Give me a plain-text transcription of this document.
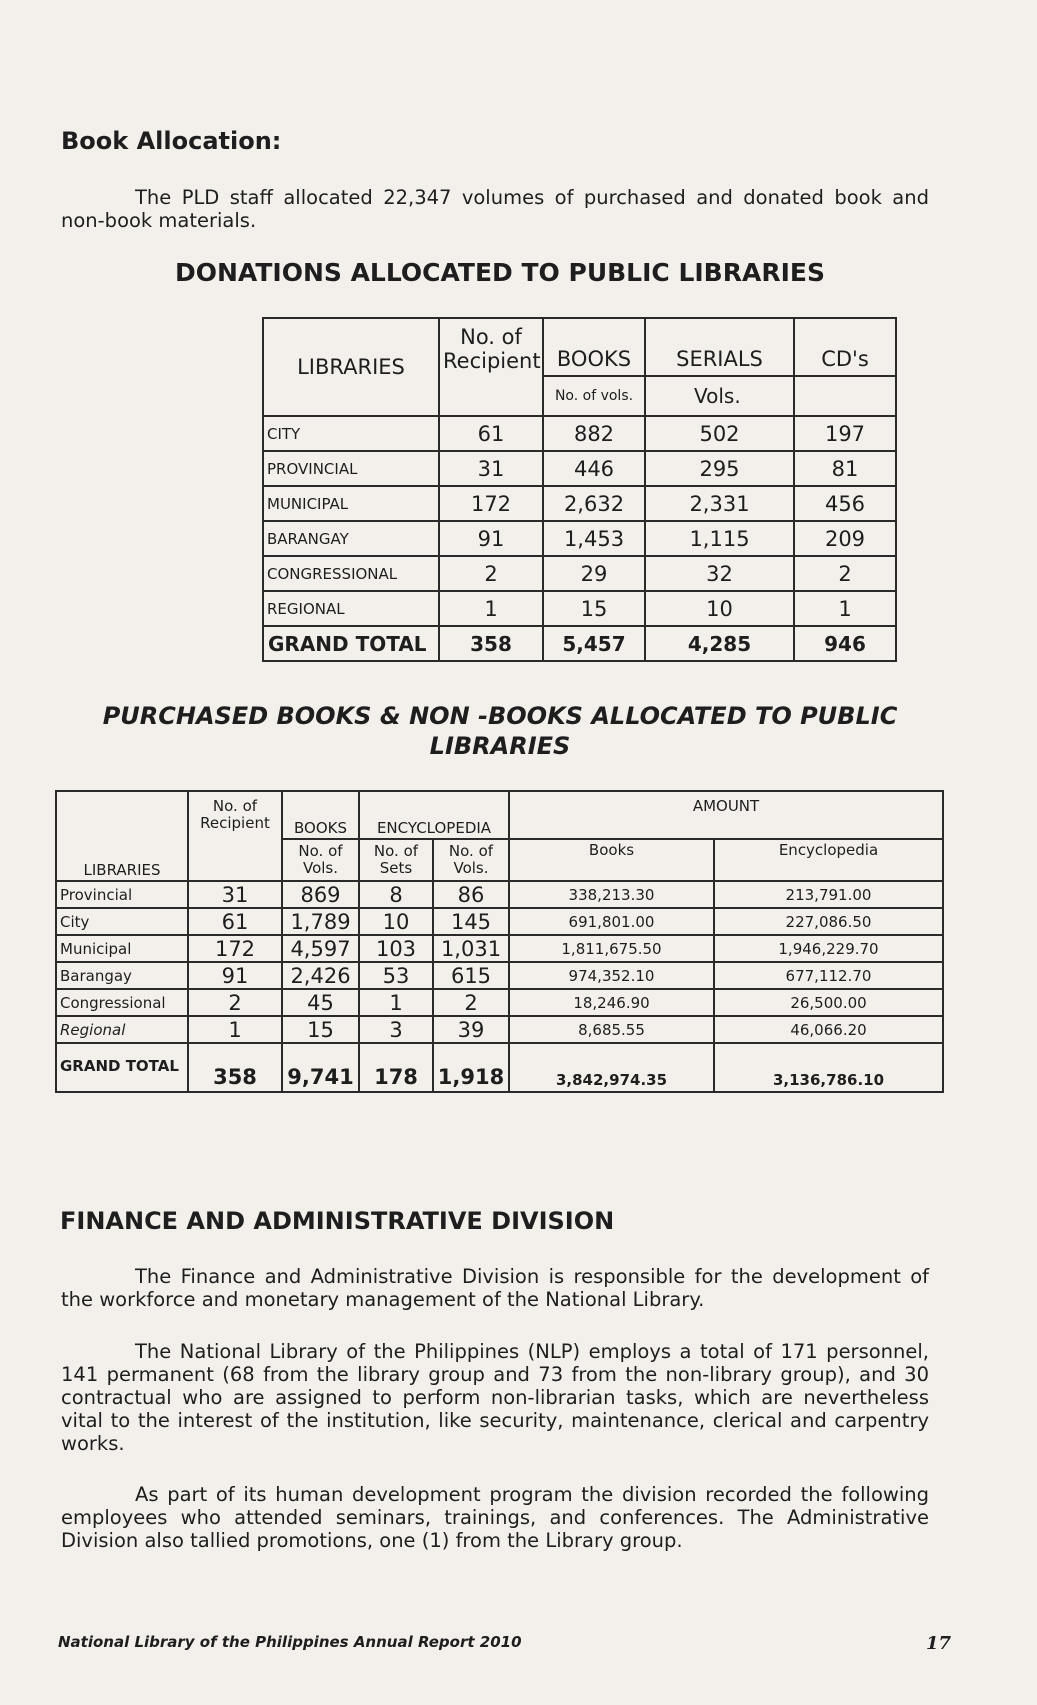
Book Allocation:

The PLD staff allocated 22,347 volumes of purchased and donated book and non-book materials.

DONATIONS ALLOCATED TO PUBLIC LIBRARIES
LIBRARIES	No. of Recipient	BOOKS	SERIALS	CD's
		No. of vols.	Vols.	
CITY	61	882	502	197
PROVINCIAL	31	446	295	81
MUNICIPAL	172	2,632	2,331	456
BARANGAY	91	1,453	1,115	209
CONGRESSIONAL	2	29	32	2
REGIONAL	1	15	10	1
GRAND TOTAL	358	5,457	4,285	946
PURCHASED BOOKS & NON -BOOKS ALLOCATED TO PUBLIC LIBRARIES
LIBRARIES	No. of Recipient	BOOKS	ENCYCLOPEDIA		AMOUNT	
		No. of Vols.	No. of Sets	No. of Vols.	Books	Encyclopedia
Provincial	31	869	8	86	338,213.30	213,791.00
City	61	1,789	10	145	691,801.00	227,086.50
Municipal	172	4,597	103	1,031	1,811,675.50	1,946,229.70
Barangay	91	2,426	53	615	974,352.10	677,112.70
Congressional	2	45	1	2	18,246.90	26,500.00
Regional	1	15	3	39	8,685.55	46,066.20
GRAND TOTAL	358	9,741	178	1,918	3,842,974.35	3,136,786.10
FINANCE AND ADMINISTRATIVE DIVISION

The Finance and Administrative Division is responsible for the development of the workforce and monetary management of the National Library.

The National Library of the Philippines (NLP) employs a total of 171 personnel, 141 permanent (68 from the library group and 73 from the non-library group), and 30 contractual who are assigned to perform non-librarian tasks, which are nevertheless vital to the interest of the institution, like security, maintenance, clerical and carpentry works.

As part of its human development program the division recorded the following employees who attended seminars, trainings, and conferences. The Administrative Division also tallied promotions, one (1) from the Library group.

National Library of the Philippines Annual Report 2010	17
